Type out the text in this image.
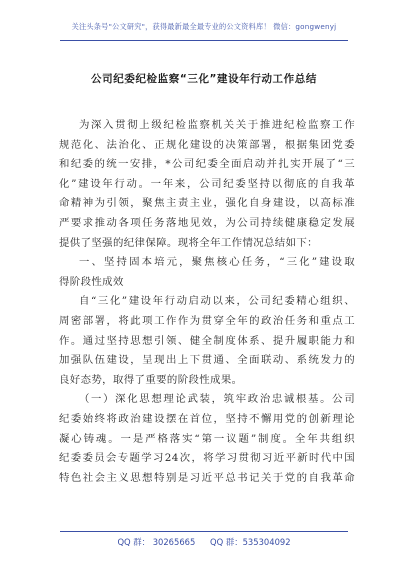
关注头条号"公文研究"，获得最新最全最专业的公文资料库！ 微信：gongwenyj
公司纪委纪检监察“三化”建设年行动工作总结
为深入贯彻上级纪检监察机关关于推进纪检监察工作
规范化、法治化、正规化建设的决策部署，根据集团党委
和纪委的统一安排，*公司纪委全面启动并扎实开展了“三
化”建设年行动。一年来，公司纪委坚持以彻底的自我革
命精神为引领，聚焦主责主业，强化自身建设，以高标准
严要求推动各项任务落地见效，为公司持续健康稳定发展
提供了坚强的纪律保障。现将全年工作情况总结如下：
一、坚持固本培元，聚焦核心任务，“三化”建设取
得阶段性成效
自“三化”建设年行动启动以来，公司纪委精心组织、
周密部署，将此项工作作为贯穿全年的政治任务和重点工
作。通过坚持思想引领、健全制度体系、提升履职能力和
加强队伍建设，呈现出上下贯通、全面联动、系统发力的
良好态势，取得了重要的阶段性成果。
（一）深化思想理论武装，筑牢政治忠诚根基。公司
纪委始终将政治建设摆在首位，坚持不懈用党的创新理论
凝心铸魂。一是严格落实“第一议题”制度。全年共组织
纪委委员会专题学习24次，将学习贯彻习近平新时代中国
特色社会主义思想特别是习近平总书记关于党的自我革命
QQ 群： 30265665 QQ 群：535304092
